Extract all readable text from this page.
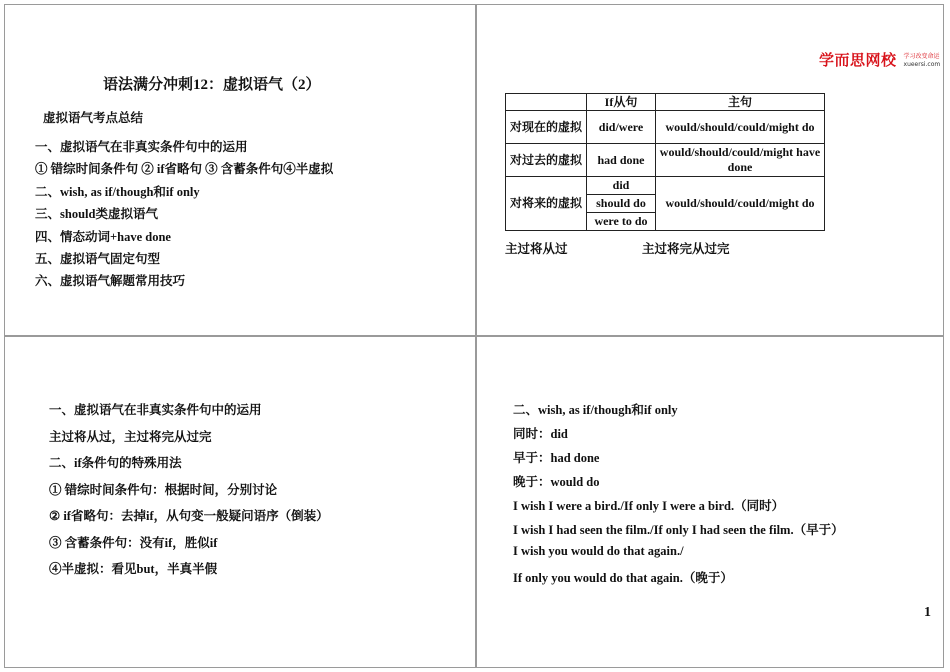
语法满分冲刺12：虚拟语气（2）
虚拟语气考点总结
一、虚拟语气在非真实条件句中的运用
① 错综时间条件句 ② if省略句 ③ 含蓄条件句④半虚拟
二、wish, as if/though和if only
三、should类虚拟语气
四、情态动词+have done
五、虚拟语气固定句型
六、虚拟语气解题常用技巧
学而思网校 学习改变命运
xueersi.com
	If从句	主句
对现在的虚拟	did/were	would/should/could/might do
对过去的虚拟	had done	would/should/could/might have done
对将来的虚拟	did	would/should/could/might do
	should do	
	were to do	
主过将从过	主过将完从过完
一、虚拟语气在非真实条件句中的运用
主过将从过，主过将完从过完
二、if条件句的特殊用法
① 错综时间条件句：根据时间，分别讨论
② if省略句：去掉if，从句变一般疑问语序（倒装）
③ 含蓄条件句：没有if，胜似if
④半虚拟：看见but，半真半假
二、wish, as if/though和if only
同时：did
早于：had done
晚于：would do
I wish I were a bird./If only I were a bird.（同时）
I wish I had seen the film./If only I had seen the film.（早于）
I wish you would do that again./
If only you would do that again.（晚于）
1
